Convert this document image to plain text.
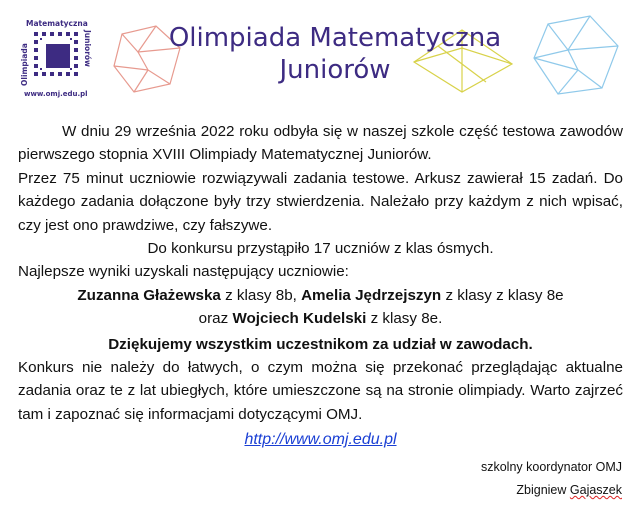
Matematyczna
Olimpiada	Juniorów
www.omj.edu.pl
Olimpiada Matematyczna
Juniorów

W dniu 29 września 2022 roku odbyła się w naszej szkole część testowa zawodów pierwszego stopnia XVIII Olimpiady Matematycznej Juniorów.

Przez 75 minut uczniowie rozwiązywali zadania testowe. Arkusz zawierał 15 zadań. Do każdego zadania dołączone były trzy stwierdzenia. Należało przy każdym z nich wpisać, czy jest ono prawdziwe, czy fałszywe.

Do konkursu przystąpiło 17 uczniów z klas ósmych.

Najlepsze wyniki uzyskali następujący uczniowie:

Zuzanna Głażewska z klasy 8b, Amelia Jędrzejszyn z klasy z klasy 8e

oraz Wojciech Kudelski z klasy 8e.

Dziękujemy wszystkim uczestnikom za udział w zawodach.

Konkurs nie należy do łatwych, o czym można się przekonać przeglądając aktualne zadania oraz te z lat ubiegłych, które umieszczone są na stronie olimpiady. Warto zajrzeć tam i zapoznać się informacjami dotyczącymi OMJ.

http://www.omj.edu.pl

szkolny koordynator OMJ
Zbigniew Gajaszek
